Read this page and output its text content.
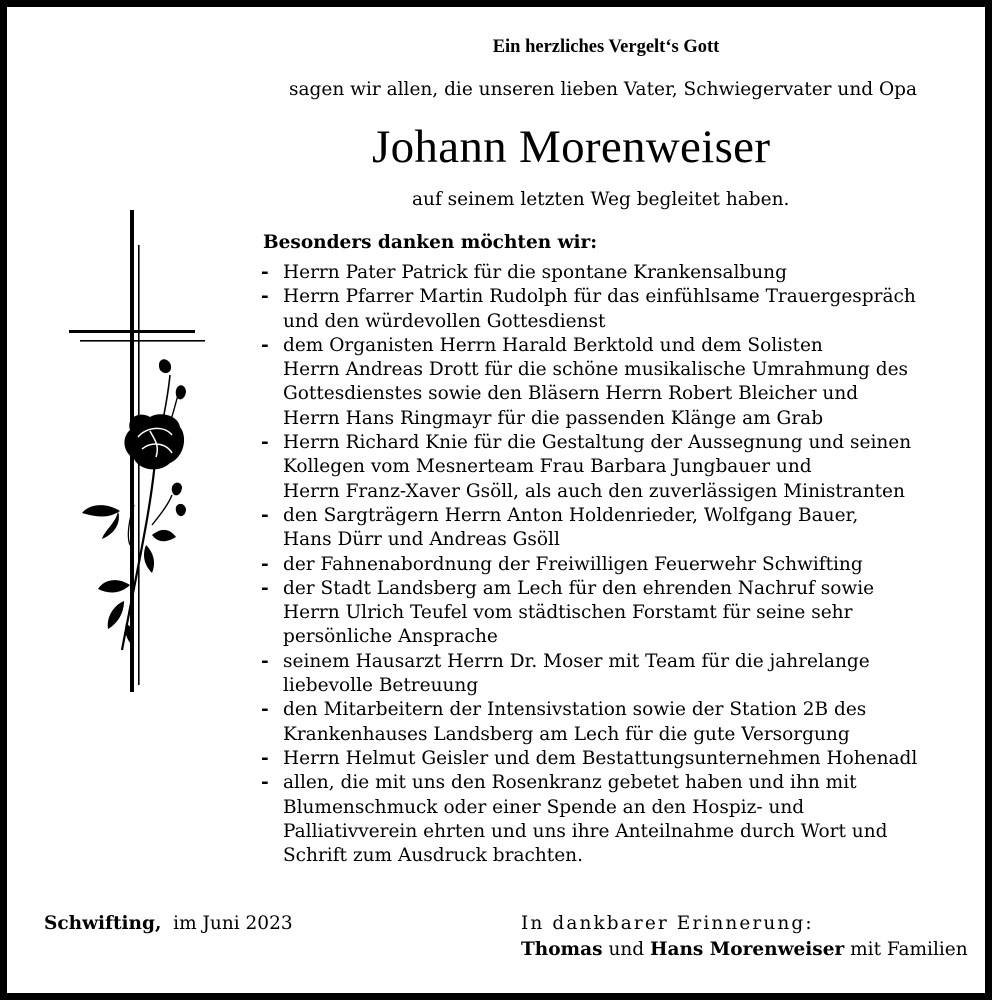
Ein herzliches Vergelt‘s Gott
sagen wir allen, die unseren lieben Vater, Schwiegervater und Opa
Johann Morenweiser
auf seinem letzten Weg begleitet haben.
Besonders danken möchten wir:
- Herrn Pater Patrick für die spontane Krankensalbung
- Herrn Pfarrer Martin Rudolph für das einfühlsame Trauergespräch
und den würdevollen Gottesdienst
- dem Organisten Herrn Harald Berktold und dem Solisten
Herrn Andreas Drott für die schöne musikalische Umrahmung des
Gottesdienstes sowie den Bläsern Herrn Robert Bleicher und
Herrn Hans Ringmayr für die passenden Klänge am Grab
- Herrn Richard Knie für die Gestaltung der Aussegnung und seinen
Kollegen vom Mesnerteam Frau Barbara Jungbauer und
Herrn Franz-Xaver Gsöll, als auch den zuverlässigen Ministranten
- den Sargträgern Herrn Anton Holdenrieder, Wolfgang Bauer,
Hans Dürr und Andreas Gsöll
- der Fahnenabordnung der Freiwilligen Feuerwehr Schwifting
- der Stadt Landsberg am Lech für den ehrenden Nachruf sowie
Herrn Ulrich Teufel vom städtischen Forstamt für seine sehr
persönliche Ansprache
- seinem Hausarzt Herrn Dr. Moser mit Team für die jahrelange
liebevolle Betreuung
- den Mitarbeitern der Intensivstation sowie der Station 2B des
Krankenhauses Landsberg am Lech für die gute Versorgung
- Herrn Helmut Geisler und dem Bestattungsunternehmen Hohenadl
- allen, die mit uns den Rosenkranz gebetet haben und ihn mit
Blumenschmuck oder einer Spende an den Hospiz- und
Palliativverein ehrten und uns ihre Anteilnahme durch Wort und
Schrift zum Ausdruck brachten.
Schwifting, im Juni 2023	In dankbarer Erinnerung:
Thomas und Hans Morenweiser mit Familien
